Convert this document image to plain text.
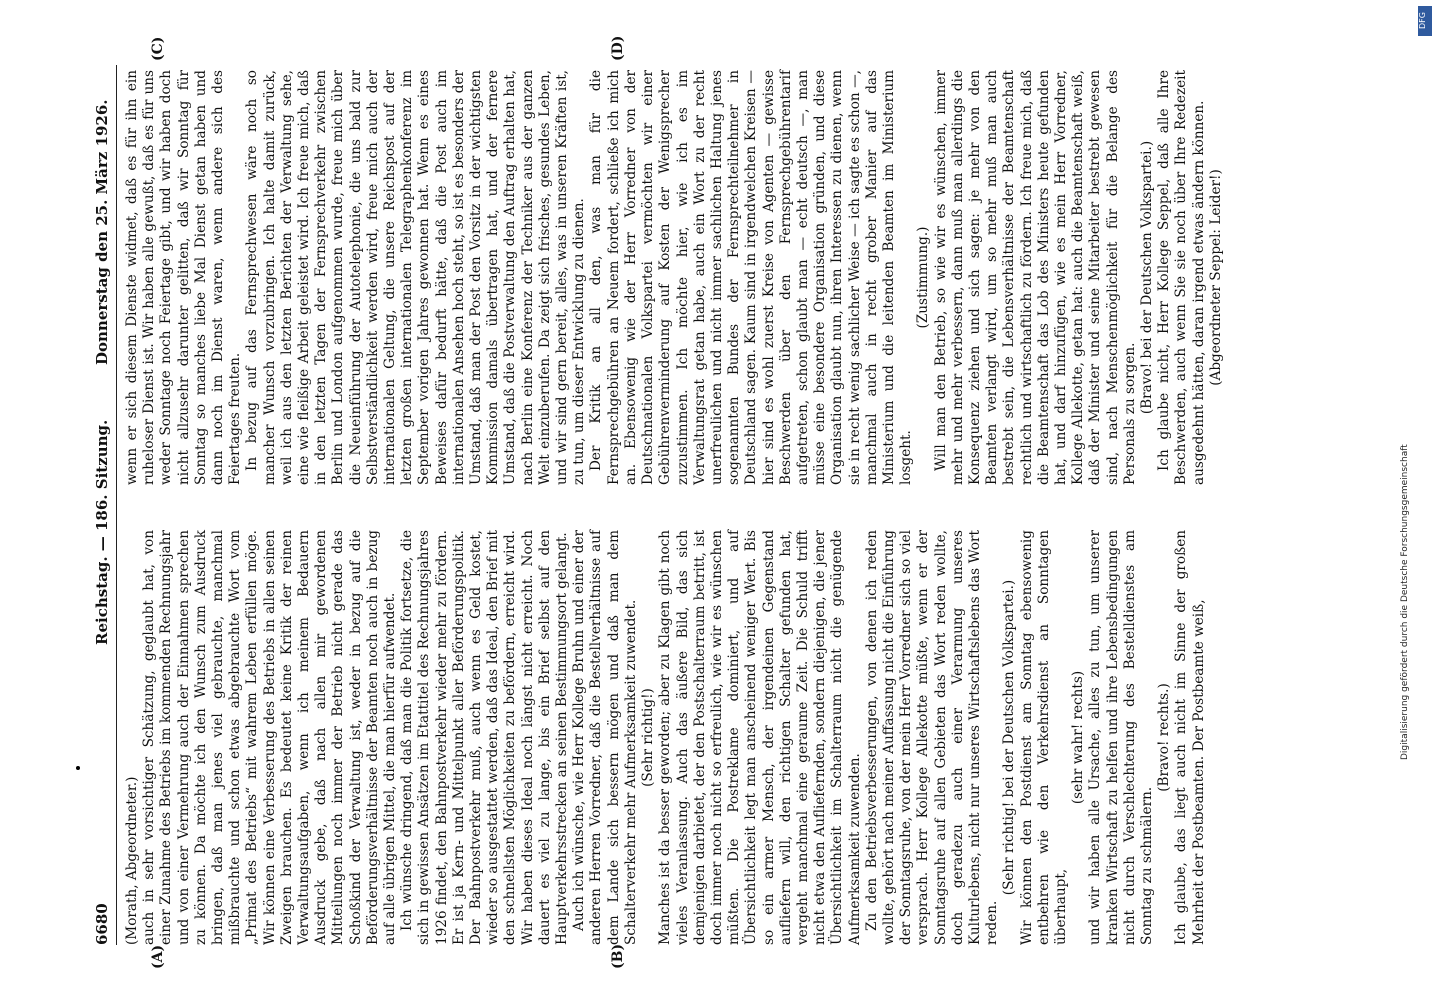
6680
Reichstag. — 186. Sitzung.
Donnerstag den 25. März 1926.

(Morath, Abgeordneter.) auch in sehr vorsichtiger Schätzung, geglaubt hat, von einer Zunahme des Betriebs im kommenden Rechnungsjahr und von einer Vermehrung auch der Einnahmen sprechen zu können. Da möchte ich den Wunsch zum Ausdruck bringen, daß man jenes viel gebrauchte, manchmal mißbrauchte und schon etwas abgebrauchte Wort vom „Primat des Betriebs“ mit wahrem Leben erfüllen möge. Wir können eine Verbesserung des Betriebs in allen seinen Zweigen brauchen. Es bedeutet keine Kritik der reinen Verwaltungsaufgaben, wenn ich meinem Bedauern Ausdruck gebe, daß nach allen mir gewordenen Mitteilungen noch immer der Betrieb nicht gerade das Schoßkind der Verwaltung ist, weder in bezug auf die Beförderungsverhältnisse der Beamten noch auch in bezug auf alle übrigen Mittel, die man hierfür aufwendet. Ich wünsche dringend, daß man die Politik fortsetze, die sich in gewissen Ansätzen im Etattitel des Rechnungsjahres 1926 findet, den Bahnpostverkehr wieder mehr zu fördern. Er ist ja Kern- und Mittelpunkt aller Beförderungspolitik. Der Bahnpostverkehr muß, auch wenn es Geld kostet, wieder so ausgestattet werden, daß das Ideal, den Brief mit den schnellsten Möglichkeiten zu befördern, erreicht wird. Wir haben dieses Ideal noch längst nicht erreicht. Noch dauert es viel zu lange, bis ein Brief selbst auf den Hauptverkehrsstrecken an seinen Bestimmungsort gelangt. Auch ich wünsche, wie Herr Kollege Bruhn und einer der anderen Herren Vorredner, daß die Bestellverhältnisse auf dem Lande sich bessern mögen und daß man dem Schalterverkehr mehr Aufmerksamkeit zuwendet. (Sehr richtig!) Manches ist da besser geworden; aber zu Klagen gibt noch vieles Veranlassung. Auch das äußere Bild, das sich demjenigen darbietet, der den Postschalterraum betritt, ist doch immer noch nicht so erfreulich, wie wir es wünschen müßten. Die Postreklame dominiert, und auf Übersichtlichkeit legt man anscheinend weniger Wert. Bis so ein armer Mensch, der irgendeinen Gegenstand aufliefern will, den richtigen Schalter gefunden hat, vergeht manchmal eine geraume Zeit. Die Schuld trifft nicht etwa den Aufliefernden, sondern diejenigen, die jener Übersichtlichkeit im Schalterraum nicht die genügende Aufmerksamkeit zuwenden. Zu den Betriebsverbesserungen, von denen ich reden wollte, gehört nach meiner Auffassung nicht die Einführung der Sonntagsruhe, von der mein Herr Vorredner sich so viel versprach. Herr Kollege Allekotte müßte, wenn er der Sonntagsruhe auf allen Gebieten das Wort reden wollte, doch geradezu auch einer Verarmung unseres Kulturlebens, nicht nur unseres Wirtschaftslebens das Wort reden.

(Sehr richtig! bei der Deutschen Volkspartei.) Wir können den Postdienst am Sonntag ebensowenig entbehren wie den Verkehrsdienst an Sonntagen überhaupt,

(sehr wahr! rechts) und wir haben alle Ursache, alles zu tun, um unserer kranken Wirtschaft zu helfen und ihre Lebensbedingungen nicht durch Verschlechterung des Bestelldienstes am Sonntag zu schmälern.

(Bravo! rechts.) Ich glaube, das liegt auch nicht im Sinne der großen Mehrheit der Postbeamten. Der Postbeamte weiß,

wenn er sich diesem Dienste widmet, daß es für ihn ein ruheloser Dienst ist. Wir haben alle gewußt, daß es für uns weder Sonntage noch Feiertage gibt, und wir haben doch nicht allzusehr darunter gelitten, daß wir Sonntag für Sonntag so manches liebe Mal Dienst getan haben und dann noch im Dienst waren, wenn andere sich des Feiertages freuten. In bezug auf das Fernsprechwesen wäre noch so mancher Wunsch vorzubringen. Ich halte damit zurück, weil ich aus den letzten Berichten der Verwaltung sehe, eine wie fleißige Arbeit geleistet wird. Ich freue mich, daß in den letzten Tagen der Fernsprechverkehr zwischen Berlin und London aufgenommen wurde, freue mich über die Neueinführung der Autotelephonie, die uns bald zur Selbstverständlichkeit werden wird, freue mich auch der internationalen Geltung, die unsere Reichspost auf der letzten großen internationalen Telegraphenkonferenz im September vorigen Jahres gewonnen hat. Wenn es eines Beweises dafür bedurft hätte, daß die Post auch im internationalen Ansehen hoch steht, so ist es besonders der Umstand, daß man der Post den Vorsitz in der wichtigsten Kommission damals übertragen hat, und der fernere Umstand, daß die Postverwaltung den Auftrag erhalten hat, nach Berlin eine Konferenz der Techniker aus der ganzen Welt einzuberufen. Da zeigt sich frisches, gesundes Leben, und wir sind gern bereit, alles, was in unseren Kräften ist, zu tun, um dieser Entwicklung zu dienen. Der Kritik an all den, was man für die Fernsprechgebühren an Neuem fordert, schließe ich mich an. Ebensowenig wie der Herr Vorredner von der Deutschnationalen Volkspartei vermöchten wir einer Gebührenverminderung auf Kosten der Wenigsprecher zuzustimmen. Ich möchte hier, wie ich es im Verwaltungsrat getan habe, auch ein Wort zu der recht unerfreulichen und nicht immer sachlichen Haltung jenes sogenannten Bundes der Fernsprechteilnehmer in Deutschland sagen. Kaum sind in irgendwelchen Kreisen — hier sind es wohl zuerst Kreise von Agenten — gewisse Beschwerden über den Fernsprechgebührentarif aufgetreten, schon glaubt man — echt deutsch —, man müsse eine besondere Organisation gründen, und diese Organisation glaubt nun, ihren Interessen zu dienen, wenn sie in recht wenig sachlicher Weise — ich sagte es schon —, manchmal auch in recht grober Manier auf das Ministerium und die leitenden Beamten im Ministerium losgeht.

(Zustimmung.) Will man den Betrieb, so wie wir es wünschen, immer mehr und mehr verbessern, dann muß man allerdings die Konsequenz ziehen und sich sagen: je mehr von den Beamten verlangt wird, um so mehr muß man auch bestrebt sein, die Lebensverhältnisse der Beamtenschaft rechtlich und wirtschaftlich zu fördern. Ich freue mich, daß die Beamtenschaft das Lob des Ministers heute gefunden hat, und darf hinzufügen, wie es mein Herr Vorredner, Kollege Allekotte, getan hat: auch die Beamtenschaft weiß, daß der Minister und seine Mitarbeiter bestrebt gewesen sind, nach Menschenmöglichkeit für die Belange des Personals zu sorgen. (Bravo! bei der Deutschen Volkspartei.) Ich glaube nicht, Herr Kollege Seppel, daß alle Ihre Beschwerden, auch wenn Sie sie noch über Ihre Redezeit ausgedehnt hätten, daran irgend etwas ändern können. (Abgeordneter Seppel: Leider!)

(A)	(B)
(C)	(D)
Digitalisierung gefördert durch die Deutsche Forschungsgemeinschaft
DFG
